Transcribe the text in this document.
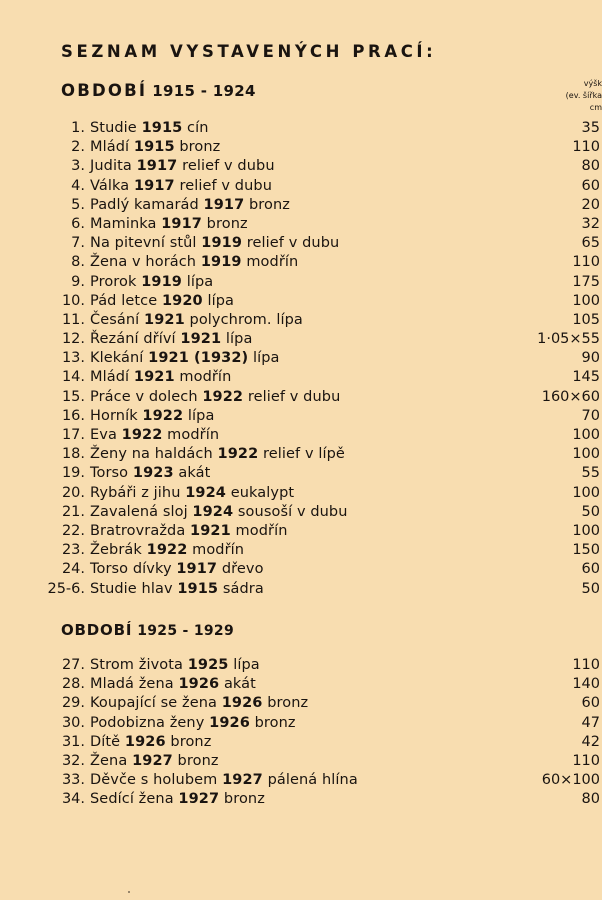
SEZNAM VYSTAVENÝCH PRACÍ:
OBDOBÍ 1915 - 1924	výšk
(ev. šířka
cm
1. Studie 1915 cín	35
2. Mládí 1915 bronz	110
3. Judita 1917 relief v dubu	80
4. Válka 1917 relief v dubu	60
5. Padlý kamarád 1917 bronz	20
6. Maminka 1917 bronz	32
7. Na pitevní stůl 1919 relief v dubu	65
8. Žena v horách 1919 modřín	110
9. Prorok 1919 lípa	175
10. Pád letce 1920 lípa	100
11. Česání 1921 polychrom. lípa	105
12. Řezání dříví 1921 lípa	1·05×55
13. Klekání 1921 (1932) lípa	90
14. Mládí 1921 modřín	145
15. Práce v dolech 1922 relief v dubu	160×60
16. Horník 1922 lípa	70
17. Eva 1922 modřín	100
18. Ženy na haldách 1922 relief v lípě	100
19. Torso 1923 akát	55
20. Rybáři z jihu 1924 eukalypt	100
21. Zavalená sloj 1924 sousoší v dubu	50
22. Bratrovražda 1921 modřín	100
23. Žebrák 1922 modřín	150
24. Torso dívky 1917 dřevo	60
25-6. Studie hlav 1915 sádra	50
OBDOBÍ 1925 - 1929
27. Strom života 1925 lípa	110
28. Mladá žena 1926 akát	140
29. Koupající se žena 1926 bronz	60
30. Podobizna ženy 1926 bronz	47
31. Dítě 1926 bronz	42
32. Žena 1927 bronz	110
33. Děvče s holubem 1927 pálená hlína	60×100
34. Sedící žena 1927 bronz	80
